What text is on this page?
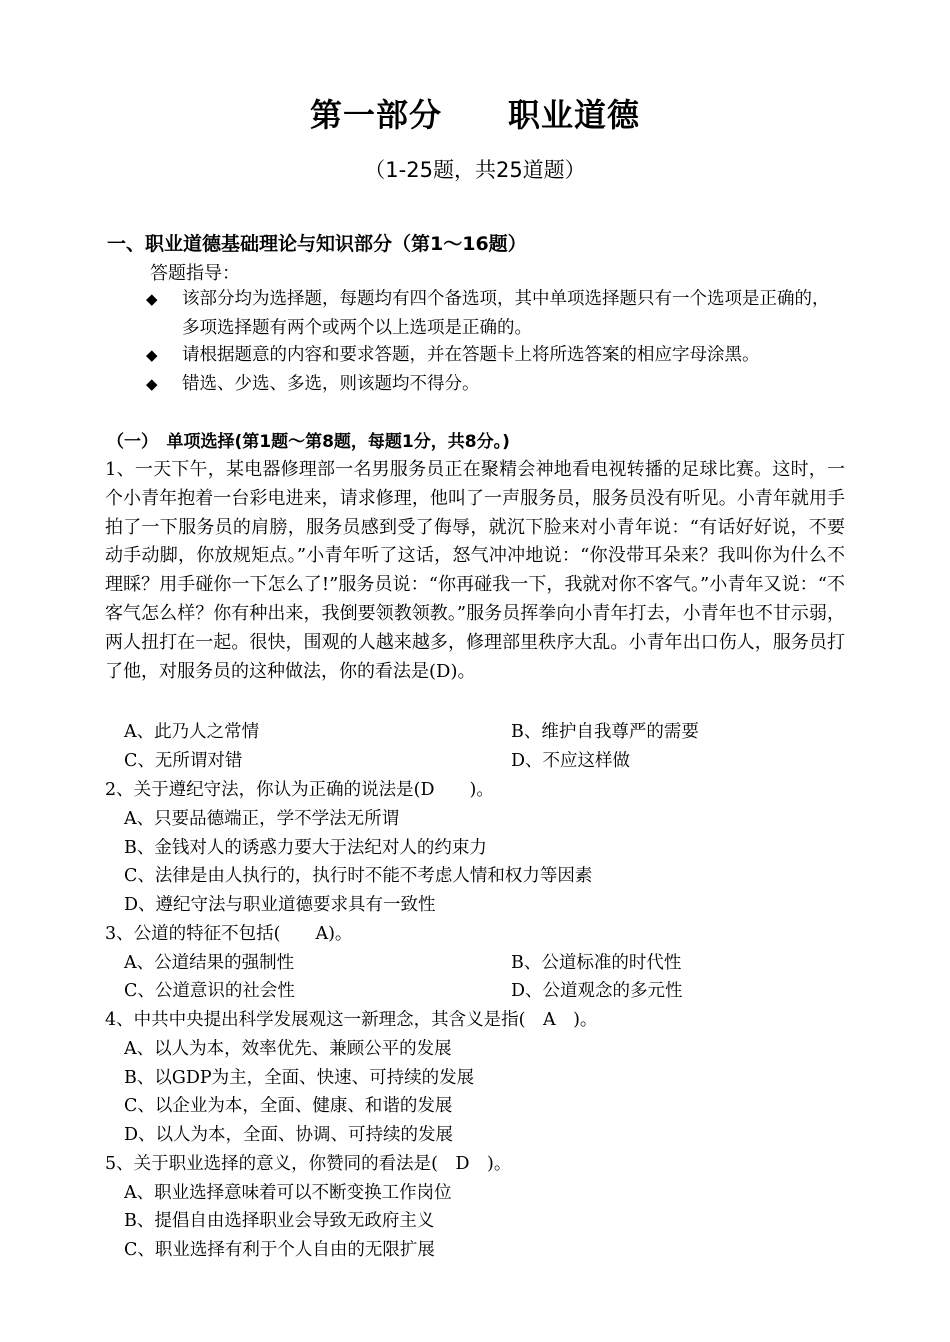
第一部分　　职业道德
（1-25题，共25道题）
一、职业道德基础理论与知识部分（第1～16题）
答题指导：
◆ 该部分均为选择题，每题均有四个备选项，其中单项选择题只有一个选项是正确的，多项选择题有两个或两个以上选项是正确的。
◆ 请根据题意的内容和要求答题，并在答题卡上将所选答案的相应字母涂黑。
◆ 错选、少选、多选，则该题均不得分。
（一）　单项选择(第1题～第8题，每题1分，共8分。)
1、一天下午，某电器修理部一名男服务员正在聚精会神地看电视转播的足球比赛。这时，一个小青年抱着一台彩电进来，请求修理，他叫了一声服务员，服务员没有听见。小青年就用手拍了一下服务员的肩膀，服务员感到受了侮辱，就沉下脸来对小青年说：“有话好好说，不要动手动脚，你放规矩点。”小青年听了这话，怒气冲冲地说：“你没带耳朵来？我叫你为什么不理睬？用手碰你一下怎么了!”服务员说：“你再碰我一下，我就对你不客气。”小青年又说：“不客气怎么样？你有种出来，我倒要领教领教。”服务员挥拳向小青年打去，小青年也不甘示弱，两人扭打在一起。很快，围观的人越来越多，修理部里秩序大乱。小青年出口伤人，服务员打了他，对服务员的这种做法，你的看法是(D)。
A、此乃人之常情	B、维护自我尊严的需要
C、无所谓对错	D、不应这样做
2、关于遵纪守法，你认为正确的说法是(D　　)。
A、只要品德端正，学不学法无所谓
B、金钱对人的诱惑力要大于法纪对人的约束力
C、法律是由人执行的，执行时不能不考虑人情和权力等因素
D、遵纪守法与职业道德要求具有一致性
3、公道的特征不包括(　　A)。
A、公道结果的强制性	B、公道标准的时代性
C、公道意识的社会性	D、公道观念的多元性
4、中共中央提出科学发展观这一新理念，其含义是指(　A　)。
A、以人为本，效率优先、兼顾公平的发展
B、以GDP为主，全面、快速、可持续的发展
C、以企业为本，全面、健康、和谐的发展
D、以人为本，全面、协调、可持续的发展
5、关于职业选择的意义，你赞同的看法是(　D　)。
A、职业选择意味着可以不断变换工作岗位
B、提倡自由选择职业会导致无政府主义
C、职业选择有利于个人自由的无限扩展
